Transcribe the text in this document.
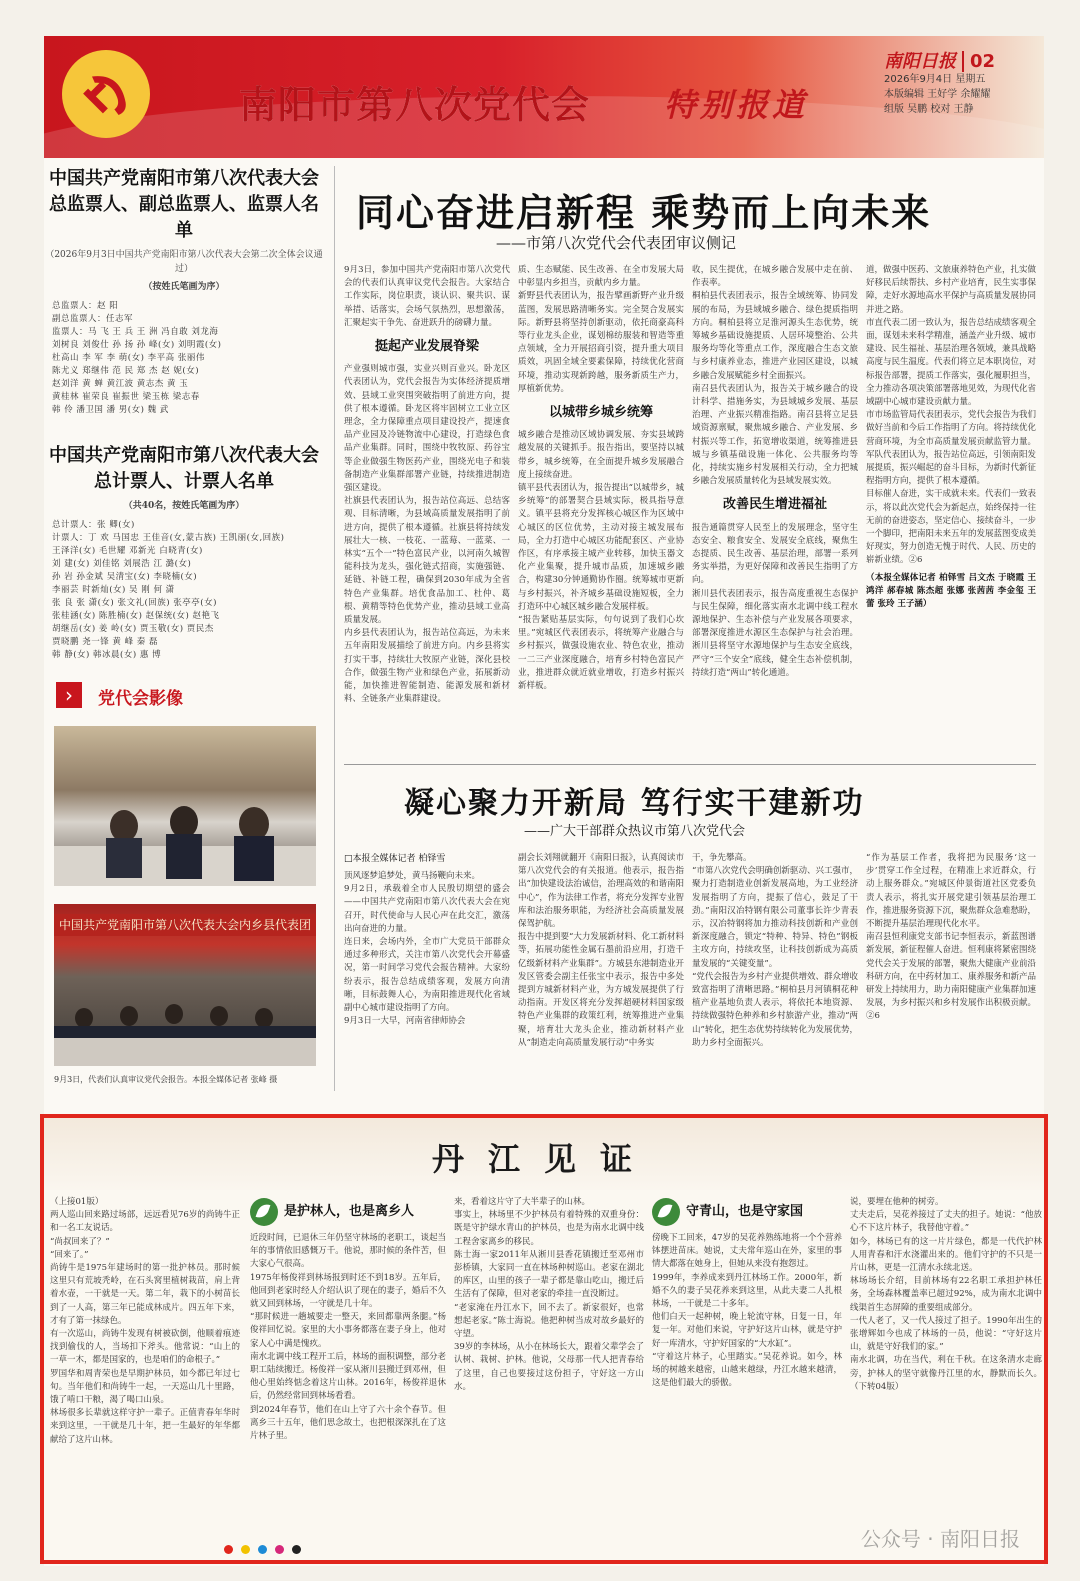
南阳市第八次党代会 特别报道
南阳日报 02
2026年9月4日 星期五
本版编辑 王好学 余耀耀
组版 吴鹏 校对 王静
中国共产党南阳市第八次代表大会
总监票人、副总监票人、监票人名单
（2026年9月3日中国共产党南阳市第八次代表大会第二次全体会议通过）
（按姓氏笔画为序）
总监票人：赵 阳
副总监票人：任志军
监票人：马 飞 王 兵 王 洲 冯自敢 刘龙海
刘树良 刘俊仕 孙 扬 孙 峰(女) 刘明霞(女)
杜高山 李 军 李 萌(女) 李平高 张丽伟
陈尤义 郑继伟 范 民 郑 杰 赵 妮(女)
赵刘洋 黄 蝉 黄江波 黄志杰 黄 玉
黄桂林 崔荣良 崔振世 梁玉栋 梁志春
韩 伶 潘卫国 潘 男(女) 魏 武
中国共产党南阳市第八次代表大会
总计票人、计票人名单
（共40名，按姓氏笔画为序）
总计票人：张 卿(女)
计票人：丁 欢 马国忠 王佳音(女,蒙古族) 王凯丽(女,回族)
王泽洋(女) 毛世耀 邓新光 白晓青(女)
刘 建(女) 刘佳铭 刘展浩 江 潞(女)
孙 岩 孙金斌 吴清宝(女) 李晓楠(女)
李丽芸 时新灿(女) 吴 刚 何 潇
张 良 张 潇(女) 张文礼(回族) 张亭亭(女)
张桂涵(女) 陈胜楠(女) 赵保统(女) 赵艳飞
胡继岳(女) 姜 岭(女) 贾玉敬(女) 贾民杰
贾晓鹏 尧一锋 黄 峰 秦 磊
韩 静(女) 韩冰晨(女) 惠 博
›	党代会影像
中国共产党南阳市第八次代表大会内乡县代表团
9月3日，代表们认真审议党代会报告。本报全媒体记者 张峰 摄
同心奋进启新程 乘势而上向未来
——市第八次党代会代表团审议侧记
9月3日，参加中国共产党南阳市第八次党代会的代表们认真审议党代会报告。大家结合工作实际，岗位职责，谈认识、聚共识、谋举措、话落实，会场气氛热烈，思想激荡，汇聚起实干争先、奋进跃升的磅礴力量。
挺起产业发展脊梁
产业强则城市强，实业兴则百业兴。卧龙区代表团认为，党代会报告为实体经济提质增效、县域工业突围突破指明了前进方向，提供了根本遵循。卧龙区将牢固树立工业立区理念，全力保障重点项目建设投产，提速食品产业园及冷链物流中心建设，打造绿色食品产业集群。同时，围绕中牧牧原、药谷宝等企业做强生物医药产业，围绕光电子和装备制造产业集群部署产业链，持续推进制造强区建设。
社旗县代表团认为，报告站位高远、总结客观、目标清晰，为县域高质量发展指明了前进方向，提供了根本遵循。社旗县将持续发展壮大一核、一枝花、一蓝莓、一蓝菜、一林实“五个一”特色富民产业，以河南久城智能科技为龙头，强化链式招商，实施强链、延链、补链工程，确保到2030年成为全省特色产业集群。培优食品加工、杜仲、葛根、黄精等特色优势产业，推动县域工业高质量发展。
内乡县代表团认为，报告站位高远，为未来五年南阳发展描绘了前进方向。内乡县将实打实干事，持续壮大牧原产业链，深化县校合作，做强生物产业和绿色产业，拓展新动能，加快推进智能制造、能源发展和新材料、全链条产业集群建设。
质、生态赋能、民生改善、在全市发展大局中彰显内乡担当，贡献内乡力量。
新野县代表团认为，报告擘画新野产业升级蓝图，发展思路清晰务实。完全契合发展实际。新野县将坚持创新驱动，依托商豪高科等行业龙头企业，谋划棉纺服装和智造等重点领域，全力开展招商引资，提升重大项目质效，巩固全域全要素保障，持续优化营商环境，推动实现新跨越，服务新质生产力，厚植新优势。

以城带乡城乡统筹
城乡融合是推动区域协调发展、夯实县域跨越发展的关键抓手。报告指出，要坚持以城带乡，城乡统筹，在全面提升城乡发展融合度上接续奋进。
镇平县代表团认为，报告提出“以城带乡，城乡统筹”的部署契合县域实际，极具指导意义。镇平县将充分发挥核心城区作为区域中心城区的区位优势，主动对接主城发展布局，全力打造中心城区功能配套区、产业协作区，有序承接主城产业转移，加快玉器文化产业集聚，提升城市品质，加速城乡融合，构建30分钟通勤协作圈。统筹城市更新与乡村振兴，补齐城乡基础设施短板，全力打造环中心城区城乡融合发展样板。
“报告紧贴基层实际，句句说到了我们心坎里。”宛城区代表团表示，将统筹产业融合与乡村振兴，做强设施农业、特色农业，推动一二三产业深度融合，培育乡村特色富民产业，推进群众就近就业增收，打造乡村振兴新样板。
收，民生提优，在城乡融合发展中走在前、作表率。
桐柏县代表团表示，报告全域统筹、协同发展的布局，为县域城乡融合、绿色提质指明方向。桐柏县将立足淮河源头生态优势，统筹城乡基础设施提质、人居环境整治、公共服务均等化等重点工作，深度融合生态文旅与乡村康养业态，推进产业园区建设，以城乡融合发展赋能乡村全面振兴。
南召县代表团认为，报告关于城乡融合的设计科学、措施务实，为县域城乡发展、基层治理、产业振兴精准指路。南召县将立足县域资源禀赋，聚焦城乡融合、产业发展、乡村振兴等工作，拓宽增收渠道，统筹推进县城与乡镇基础设施一体化、公共服务均等化，持续实施乡村发展相关行动，全力把城乡融合发展质量转化为县域发展实效。
改善民生增进福祉
报告通篇贯穿人民至上的发展理念，坚守生态安全、粮食安全、发展安全底线，聚焦生态提质、民生改善、基层治理，部署一系列务实举措，为更好保障和改善民生指明了方向。
淅川县代表团表示，报告高度重视生态保护与民生保障，细化落实南水北调中线工程水源地保护、生态补偿与产业发展各项要求，部署深度推进水源区生态保护与社会治理。淅川县将坚守水源地保护与生态安全底线，严守“三个安全”底线，健全生态补偿机制，持续打造“两山”转化通道。
道，做强中医药、文旅康养特色产业，扎实做好移民后续帮扶、乡村产业培育，民生实事保障，走好水源地高水平保护与高质量发展协同并进之路。
市直代表二团一致认为，报告总结成绩客观全面，谋划未来科学精准，涵盖产业升级、城市建设、民生福祉、基层治理各领域，兼具战略高度与民生温度。代表们将立足本职岗位，对标报告部署，提质工作落实，强化履职担当，全力推动各项决策部署落地见效，为现代化省域副中心城市建设贡献力量。
市市场监管局代表团表示，党代会报告为我们做好当前和今后工作指明了方向。将持续优化营商环境，为全市高质量发展贡献监管力量。
军队代表团认为，报告站位高远，引领南阳发展提质，振兴崛起的奋斗目标，为新时代新征程指明方向，提供了根本遵循。
目标催人奋进，实干成就未来。代表们一致表示，将以此次党代会为新起点，始终保持一往无前的奋进姿态，坚定信心、接续奋斗，一步一个脚印，把南阳未来五年的发展蓝图变成美好现实，努力创造无愧于时代、人民、历史的崭新业绩。②6
（本报全媒体记者 柏铎雪 吕文杰 于晓霞 王鸿洋 郝春城 陈杰超 张娜 张茜茜 李金玺 王蕾 张玲 王子涵）
凝心聚力开新局 笃行实干建新功
——广大干部群众热议市第八次党代会
□本报全媒体记者 柏铎雪
顶风逐梦追梦处，黄马扬鞭向未来。
9月2日，承载着全市人民殷切期望的盛会——中国共产党南阳市第八次代表大会在宛召开，时代使命与人民心声在此交汇，激荡出向奋进的力量。
连日来，会场内外，全市广大党员干部群众通过多种形式，关注市第八次党代会开幕盛况，第一时间学习党代会报告精神。大家纷纷表示，报告总结成绩客观，发展方向清晰，目标鼓舞人心，为南阳推进现代化省域副中心城市建设指明了方向。
9月3日一大早，河南省律师协会
副会长刘翔就翻开《南阳日报》，认真阅读市第八次党代会的有关报道。他表示，报告指出“加快建设法治诚信，治理高效的和谐南阳中心”，作为法律工作者，将充分发挥专业智库和法治服务职能，为经济社会高质量发展保驾护航。
报告中提到要“大力发展新材料、化工新材料等，拓展功能性金属石墨前沿应用，打造千亿级新材料产业集群”。方城县东港制造业开发区管委会副主任张宝中表示，报告中多处提到方城新材料产业，为方城发展提供了行动指南。开发区将充分发挥超硬材料国家级特色产业集群的政策红利，统筹推进产业集聚，培育壮大龙头企业，推动新材料产业从“制造走向高质量发展行动”中务实
干，争先攀高。
“市第八次党代会明确创新驱动、兴工强市，聚力打造制造业创新发展高地，为工业经济发展指明了方向，提振了信心，鼓足了干劲。”南阳汉冶特钢有限公司董事长许少青表示，汉冶特钢将加力推动科技创新和产业创新深度融合，锁定“特种、特异、特色”钢板主攻方向，持续攻坚，让科技创新成为高质量发展的“关键变量”。
“党代会报告为乡村产业提供增效、群众增收致富指明了清晰思路。”桐柏县月河镇桐花种植产业基地负责人表示，将依托本地资源、持续做强特色种养和乡村旅游产业，推动“两山”转化，把生态优势持续转化为发展优势，助力乡村全面振兴。
“作为基层工作者，我将把为民服务‘这一步’贯穿工作全过程，在精准上求近群众，行动上服务群众。”宛城区仲景街道社区党委负责人表示，将扎实开展党建引领基层治理工作，推进服务资源下沉，聚焦群众急难愁盼，不断提升基层治理现代化水平。
南召县恒利康党支部书记李恒表示，新蓝图谱新发展，新征程催人奋进。恒利康将紧密围绕党代会关于发展的部署，聚焦大健康产业前沿科研方向，在中药材加工、康养服务和新产品研发上持续用力，助力南阳健康产业集群加速发展，为乡村振兴和乡村发展作出积极贡献。②6
丹江见证
（上接01版）
两人巡山回来路过场部，远远看见76岁的尚铸牛正和一名工友说话。
“尚叔回来了？”
“回来了。”
尚铸牛是1975年建场时的第一批护林员。那时候这里只有荒坡秃岭，在石头窝里植树栽苗，肩上背着水壶，一干就是一天。第二年，栽下的小树苗长到了一人高，第三年已能成林成片。四五年下来，才有了第一抹绿色。
有一次巡山，尚铸牛发现有树被砍倒，他顺着痕迹找到偷伐的人，当场扣下斧头。他常说：“山上的一草一木，都是国家的，也是咱们的命根子。”
罗国华和周青荣也是早期护林员，如今都已年过七旬。当年他们和尚铸牛一起，一天巡山几十里路，饿了啃口干粮，渴了喝口山泉。
林场很多长辈就这样守护一辈子。正值青春年华时来到这里，一干就是几十年，把一生最好的年华都献给了这片山林。
是护林人，也是离乡人
近段时间，已退休三年仍坚守林场的老职工，谈起当年的事情依旧感慨万千。他说，那时候的条件苦，但大家心气很高。
1975年杨俊祥到林场报到时还不到18岁。五年后，他回到老家时经人介绍认识了现在的妻子，婚后不久就又回到林场，一守就是几十年。
“那时候进一趟城要走一整天，来回都靠两条腿。”杨俊祥回忆说。家里的大小事务都落在妻子身上，他对家人心中满是愧疚。
南水北调中线工程开工后，林场的面积调整，部分老职工陆续搬迁。杨俊祥一家从淅川县搬迁到邓州，但他心里始终惦念着这片山林。2016年，杨俊祥退休后，仍然经常回到林场看看。
到2024年春节，他们在山上守了六十余个春节。但离乡三十五年，他们思念故土，也把根深深扎在了这片林子里。
来，看着这片守了大半辈子的山林。
事实上，林场里不少护林员有着特殊的双重身份：既是守护绿水青山的护林员，也是为南水北调中线工程舍家离乡的移民。
陈士海一家2011年从淅川县香花镇搬迁至邓州市彭桥镇，大家同一直在林场种树巡山。老家在湖北的库区，山里的孩子一辈子都是靠山吃山，搬迁后生活有了保障，但对老家的牵挂一直没断过。
“老家淹在丹江水下，回不去了。新家很好，也常想起老家。”陈士海说。他把种树当成对故乡最好的守望。
39岁的李林场，从小在林场长大，跟着父辈学会了认树、栽树、护林。他说，父母那一代人把青春给了这里，自己也要接过这份担子，守好这一方山水。
守青山，也是守家国
傍晚下工回来，47岁的吴花养熟练地将一个个营养钵摆进苗床。她说，丈夫常年巡山在外，家里的事情大都落在她身上，但她从来没有抱怨过。
1999年，李养成来到丹江林场工作。2000年，新婚不久的妻子吴花养来到这里，从此夫妻二人扎根林场，一干就是二十多年。
他们白天一起种树，晚上轮流守林，日复一日，年复一年。对他们来说，守护好这片山林，就是守护好一库清水，守护好国家的“大水缸”。
“守着这片林子，心里踏实。”吴花养说。如今，林场的树越来越密，山越来越绿，丹江水越来越清，这是他们最大的骄傲。
说，要埋在他种的树旁。
丈夫走后，吴花养接过了丈夫的担子。她说：“他放心不下这片林子，我替他守着。”
如今，林场已有的这一片片绿色，都是一代代护林人用青春和汗水浇灌出来的。他们守护的不只是一片山林，更是一江清水永续北送。
林场场长介绍，目前林场有22名职工承担护林任务，全场森林覆盖率已超过92%，成为南水北调中线渠首生态屏障的重要组成部分。
一代人老了，又一代人接过了担子。1990年出生的张增辉如今也成了林场的一员，他说：“守好这片山，就是守好我们的家。”
南水北调，功在当代，利在千秋。在这条清水走廊旁，护林人的坚守就像丹江里的水，静默而长久。（下转04版）
公众号 · 南阳日报
